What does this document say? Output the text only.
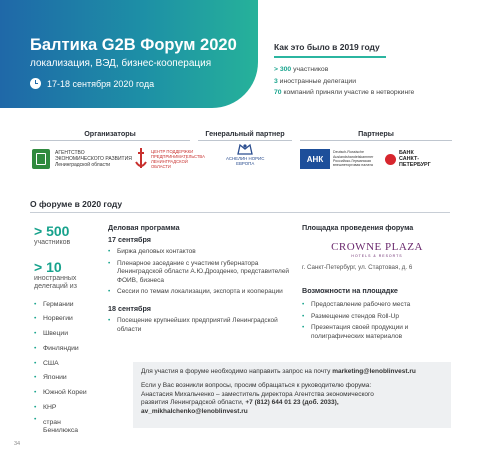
Балтика G2B Форум 2020
локализация, ВЭД, бизнес-кооперация
17-18 сентября 2020 года
Как это было в 2019 году
> 300 участников
3 иностранные делегации
70 компаний приняли участие в нетворкинге
Организаторы	Генеральный партнер	Партнеры
АГЕНТСТВО
ЭКОНОМИЧЕСКОГО РАЗВИТИЯ
Ленинградской области
ЦЕНТР ПОДДЕРЖКИ
ПРЕДПРИНИМАТЕЛЬСТВА
ЛЕНИНГРАДСКОЙ
ОБЛАСТИ
АСНЕЛИН НОРИС
ЕВРОПА
АНК
Deutsch-Russische
Auslandshandelskammer
Российско-Германская
внешнеторговая палата
БАНК
САНКТ-
ПЕТЕРБУРГ
О форуме в 2020 году
> 500
участников
> 10
иностранных
делегаций из
• Германии
• Норвегии
• Швеции
• Финляндии
• США
• Японии
• Южной Кореи
• КНР
• стран
Бенилюкса
Деловая программа
17 сентября
• Биржа деловых контактов
• Пленарное заседание с участием губернатора Ленинградской области А.Ю.Дрозденко, представителей ФОИВ, бизнеса
• Сессии по темам локализации, экспорта и кооперации
18 сентября
• Посещение крупнейших предприятий Ленинградской области
Площадка проведения форума
CROWNE PLAZA
HOTELS & RESORTS
г. Санкт-Петербург, ул. Стартовая, д. 6
Возможности на площадке
• Предоставление рабочего места
• Размещение стендов Roll-Up
• Презентация своей продукции и полиграфических материалов

Для участия в форуме необходимо направить запрос на почту marketing@lenoblinvest.ru

Если у Вас возникли вопросы, просим обращаться к руководителю форума:

Анастасия Михальченко – заместитель директора Агентства экономического

развития Ленинградской области, +7 (812) 644 01 23 (доб. 2033),

av_mikhalchenko@lenoblinvest.ru

34
